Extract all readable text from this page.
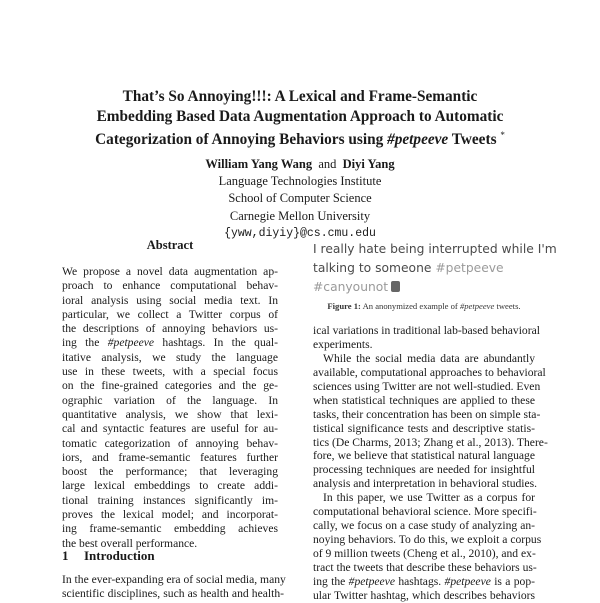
That’s So Annoying!!!: A Lexical and Frame-Semantic
Embedding Based Data Augmentation Approach to Automatic
Categorization of Annoying Behaviors using #petpeeve Tweets *
William Yang Wang and Diyi Yang
Language Technologies Institute
School of Computer Science
Carnegie Mellon University
{yww,diyiy}@cs.cmu.edu
Abstract
We propose a novel data augmentation ap-
proach to enhance computational behav-
ioral analysis using social media text. In
particular, we collect a Twitter corpus of
the descriptions of annoying behaviors us-
ing the #petpeeve hashtags. In the qual-
itative analysis, we study the language
use in these tweets, with a special focus
on the fine-grained categories and the ge-
ographic variation of the language. In
quantitative analysis, we show that lexi-
cal and syntactic features are useful for au-
tomatic categorization of annoying behav-
iors, and frame-semantic features further
boost the performance; that leveraging
large lexical embeddings to create addi-
tional training instances significantly im-
proves the lexical model; and incorporat-
ing frame-semantic embedding achieves
the best overall performance.
1 Introduction
In the ever-expanding era of social media, many
scientific disciplines, such as health and health-
I really hate being interrupted while I'm
talking to someone #petpeeve
#canyounot
Figure 1: An anonymized example of #petpeeve tweets.
ical variations in traditional lab-based behavioral
experiments.
While the social media data are abundantly
available, computational approaches to behavioral
sciences using Twitter are not well-studied. Even
when statistical techniques are applied to these
tasks, their concentration has been on simple sta-
tistical significance tests and descriptive statis-
tics (De Charms, 2013; Zhang et al., 2013). There-
fore, we believe that statistical natural language
processing techniques are needed for insightful
analysis and interpretation in behavioral studies.
In this paper, we use Twitter as a corpus for
computational behavioral science. More specifi-
cally, we focus on a case study of analyzing an-
noying behaviors. To do this, we exploit a corpus
of 9 million tweets (Cheng et al., 2010), and ex-
tract the tweets that describe these behaviors us-
ing the #petpeeve hashtags. #petpeeve is a pop-
ular Twitter hashtag, which describes behaviors
